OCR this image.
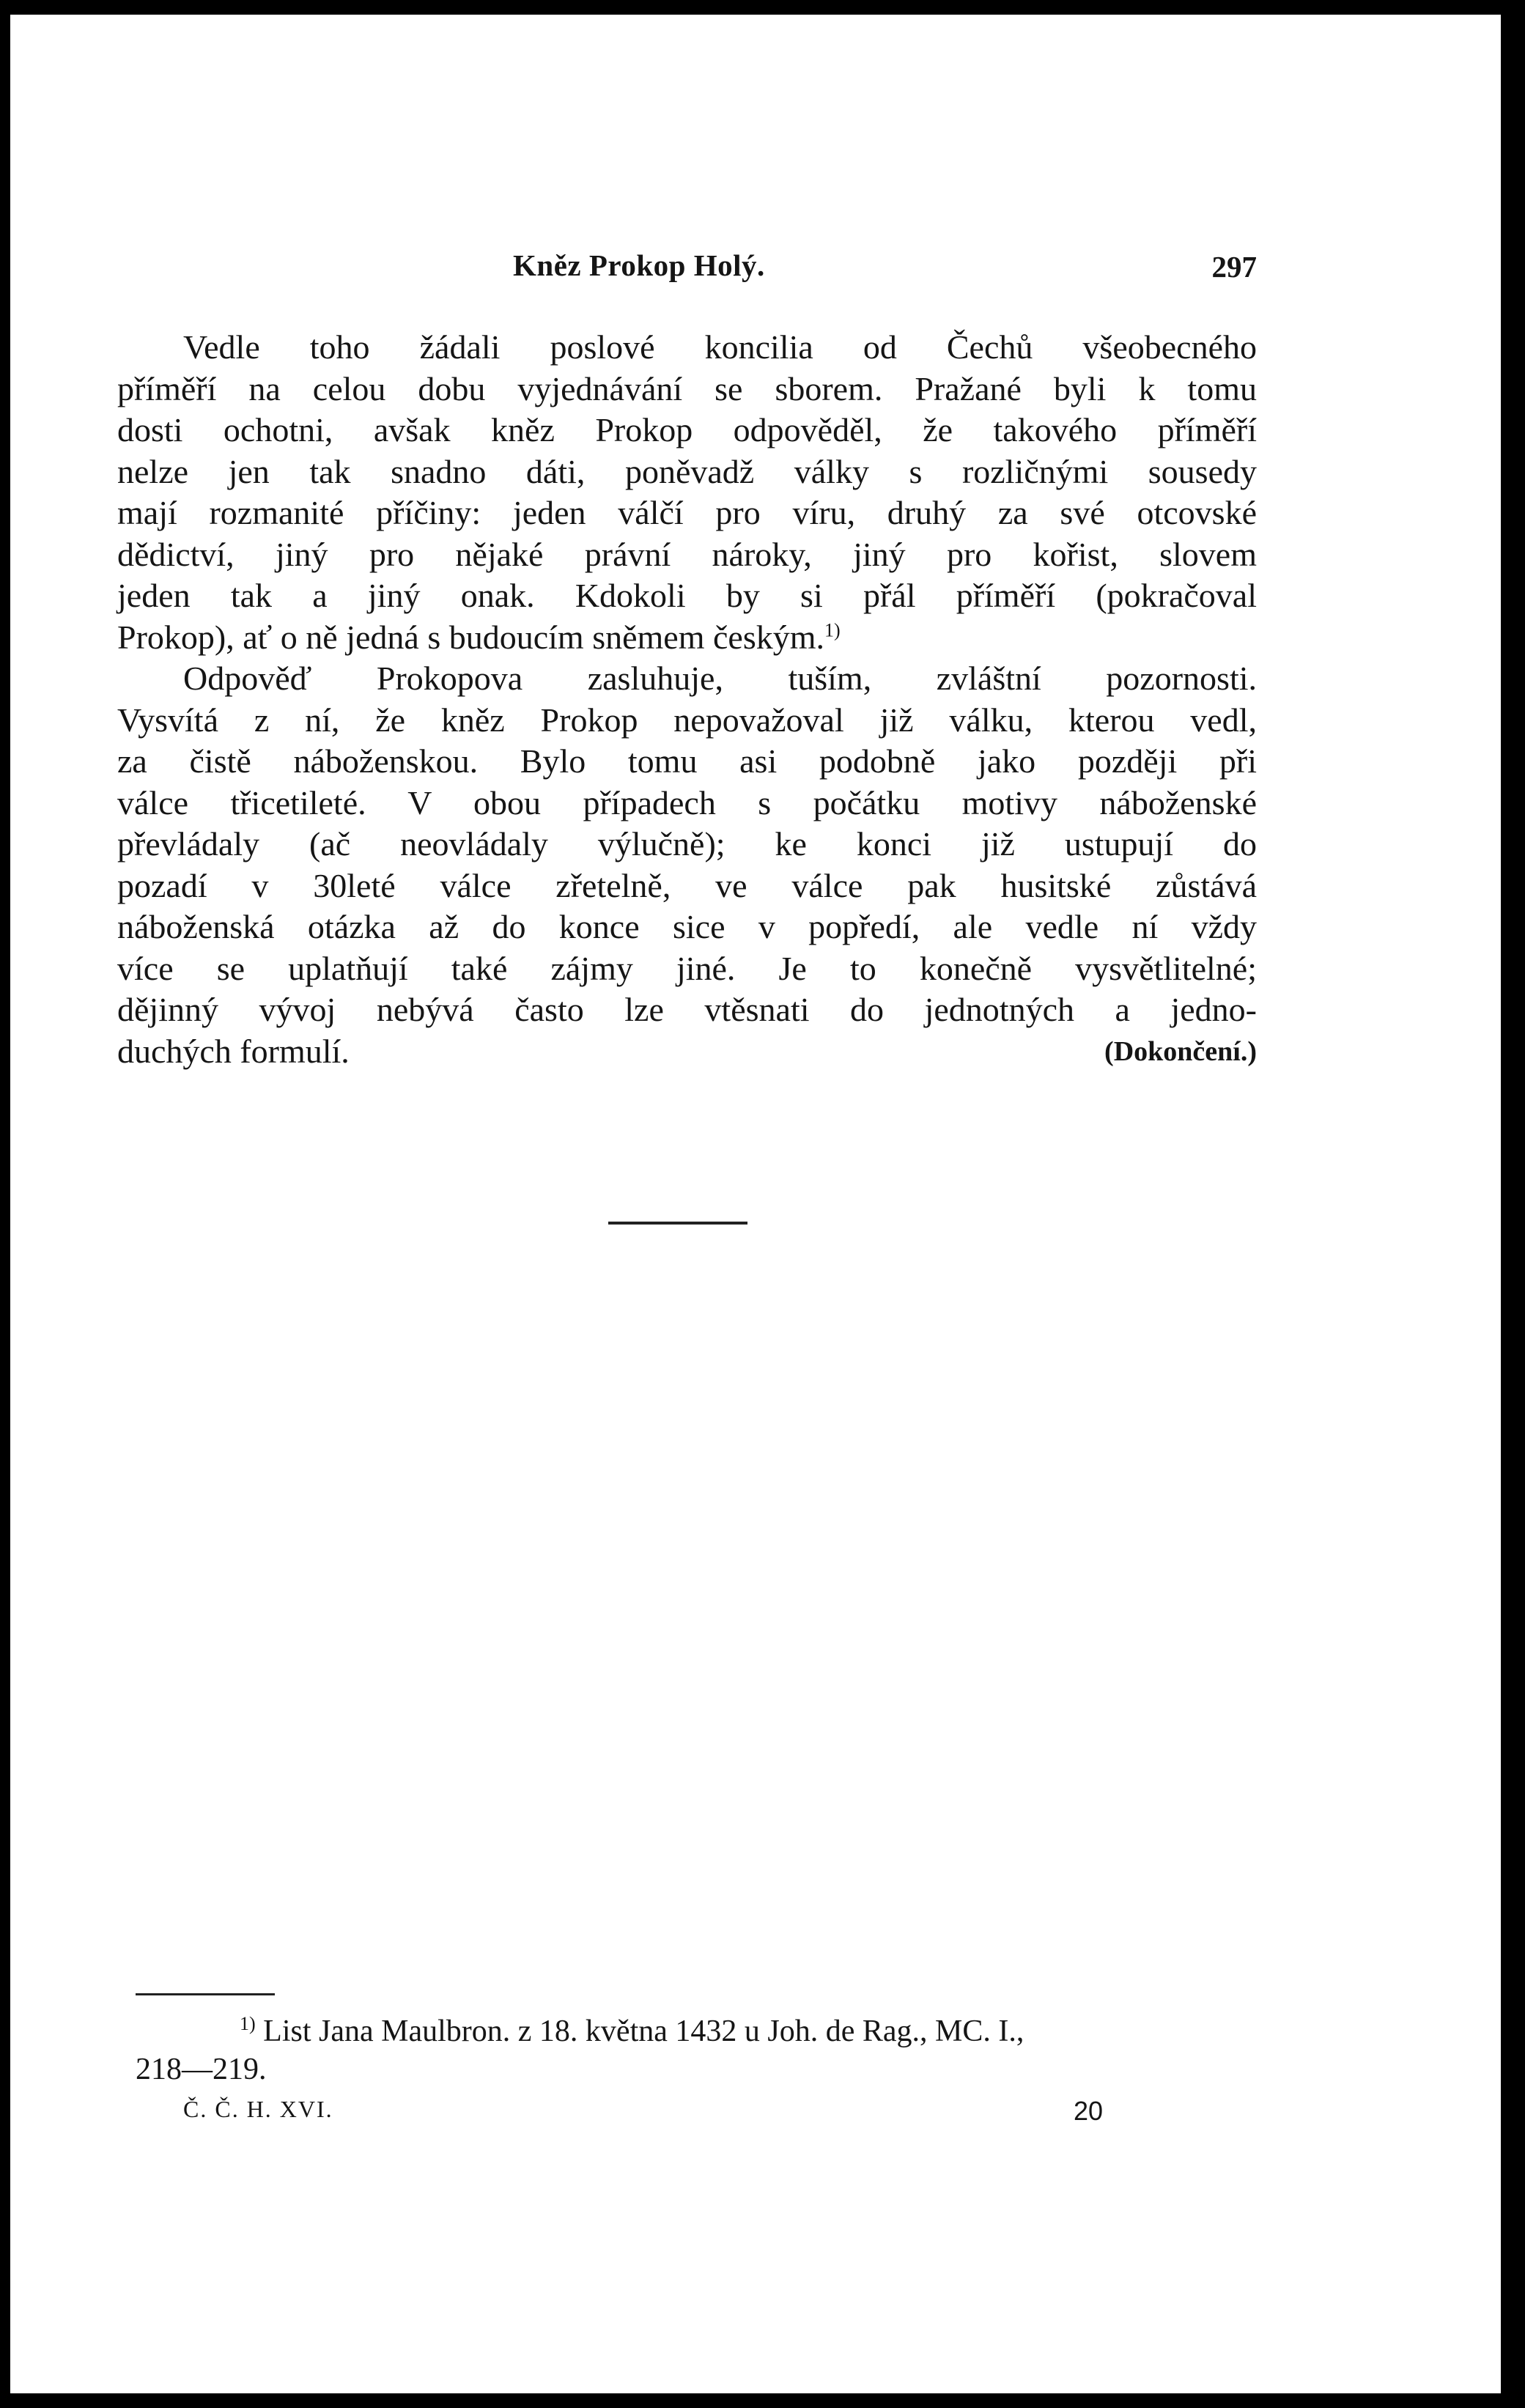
Kněz Prokop Holý.	297
Vedle toho žádali poslové koncilia od Čechů všeobecného
příměří na celou dobu vyjednávání se sborem. Pražané byli k tomu
dosti ochotni, avšak kněz Prokop odpověděl, že takového příměří
nelze jen tak snadno dáti, poněvadž války s rozličnými sousedy
mají rozmanité příčiny: jeden válčí pro víru, druhý za své otcovské
dědictví, jiný pro nějaké právní nároky, jiný pro kořist, slovem
jeden tak a jiný onak. Kdokoli by si přál příměří (pokračoval
Prokop), ať o ně jedná s budoucím sněmem českým.$^{1)}$
Odpověď Prokopova zasluhuje, tuším, zvláštní pozornosti.
Vysvítá z ní, že kněz Prokop nepovažoval již válku, kterou vedl,
za čistě náboženskou. Bylo tomu asi podobně jako později při
válce třicetileté. V obou případech s počátku motivy náboženské
převládaly (ač neovládaly výlučně); ke konci již ustupují do
pozadí v 30leté válce zřetelně, ve válce pak husitské zůstává
náboženská otázka až do konce sice v popředí, ale vedle ní vždy
více se uplatňují také zájmy jiné. Je to konečně vysvětlitelné;
dějinný vývoj nebývá často lze vtěsnati do jednotných a jedno-
duchých formulí.	(Dokončení.)
$^{1)}$ List Jana Maulbron. z 18. května 1432 u Joh. de Rag., MC. I.,
218—219.
Č. Č. H. XVI.	20
